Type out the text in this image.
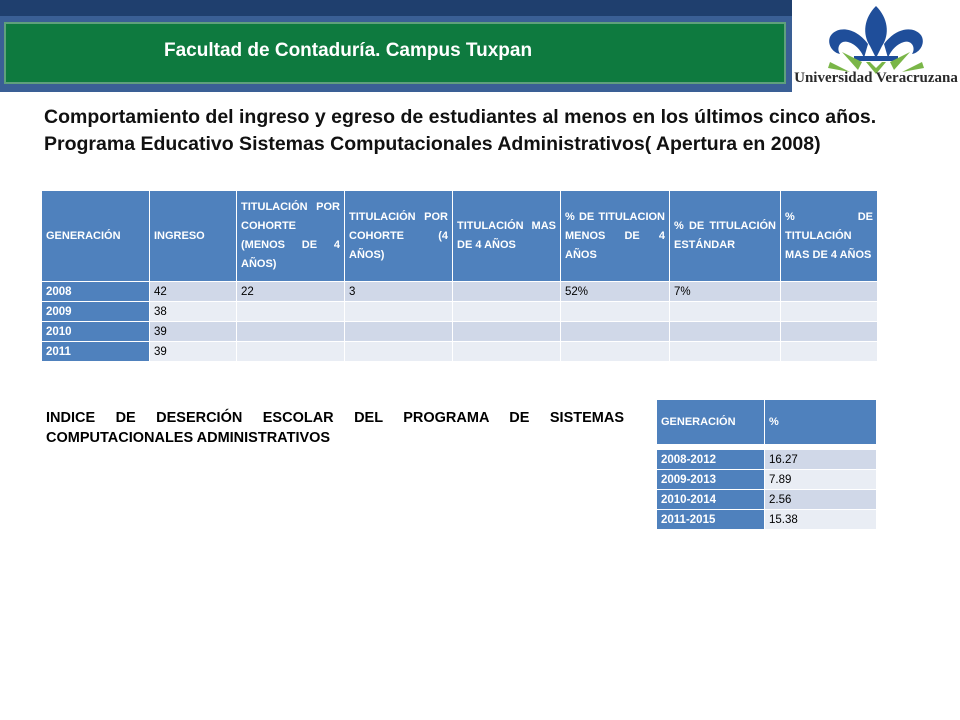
Facultad de Contaduría. Campus Tuxpan
Universidad Veracruzana
Comportamiento del ingreso y egreso de estudiantes al menos en los últimos cinco años. Programa Educativo Sistemas Computacionales Administrativos( Apertura en 2008)
GENERACIÓN	INGRESO	TITULACIÓN POR COHORTE (MENOS DE 4 AÑOS)	TITULACIÓN POR COHORTE (4 AÑOS)	TITULACIÓN MAS DE 4 AÑOS	% DE TITULACION MENOS DE 4 AÑOS	% DE TITULACIÓN ESTÁNDAR	% DE TITULACIÓN MAS DE 4 AÑOS
2008	42	22	3		52%	7%	
2009	38						
2010	39						
2011	39						
INDICE DE DESERCIÓN ESCOLAR DEL PROGRAMA DE SISTEMAS COMPUTACIONALES ADMINISTRATIVOS
GENERACIÓN	%

2008-2012	16.27
2009-2013	7.89
2010-2014	2.56
2011-2015	15.38
